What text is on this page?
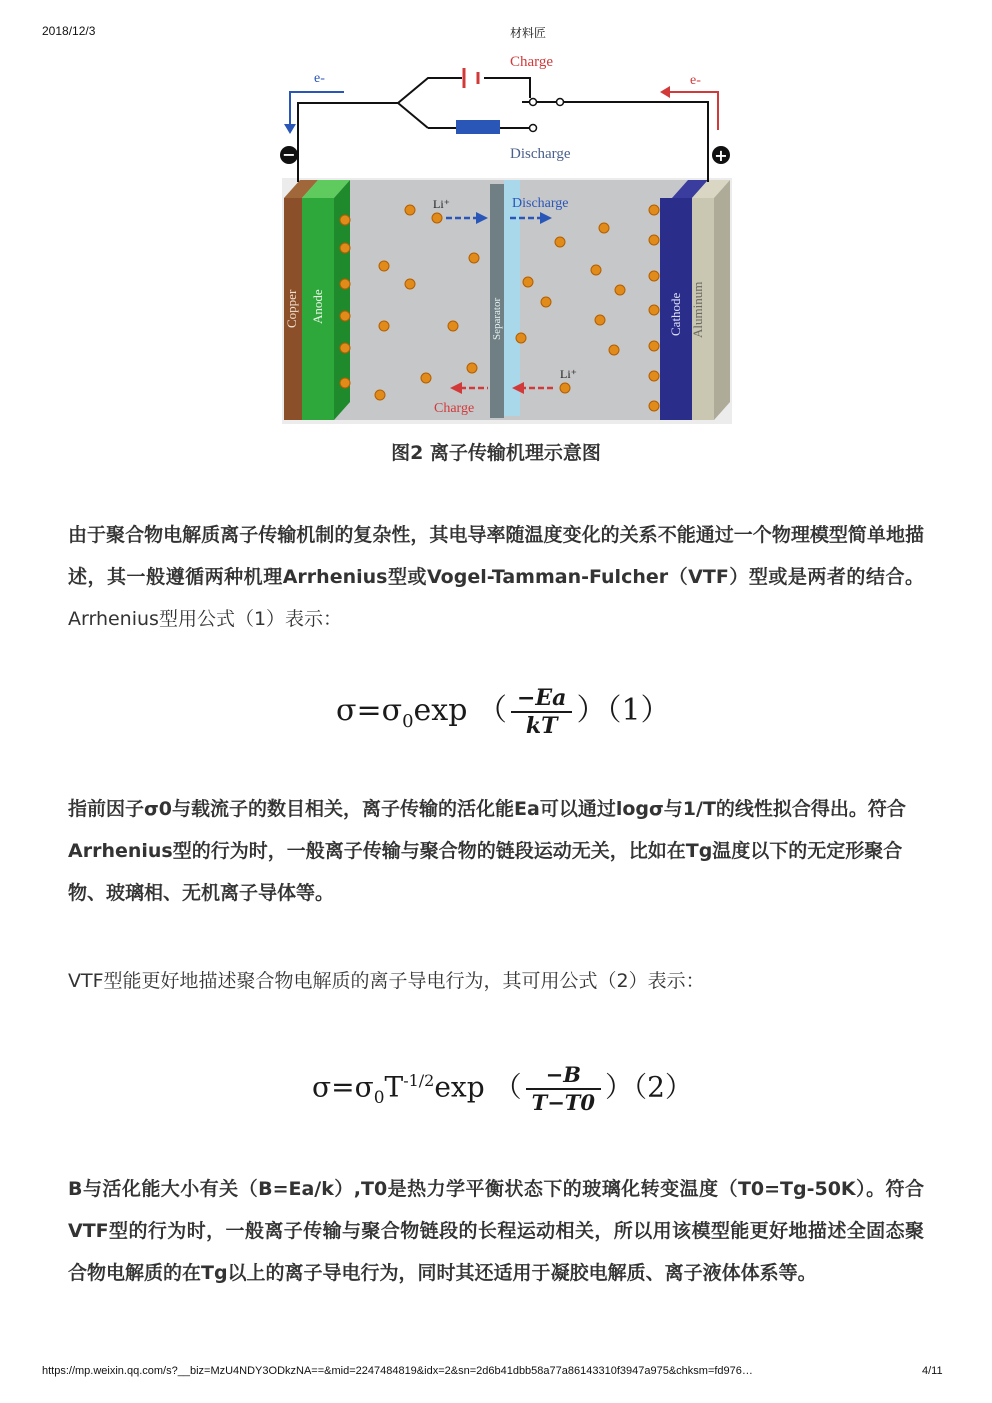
2018/12/3	材料匠
Copper Anode	Separator	Cathode Aluminum
Li⁺	Discharge
Li⁺
Charge
Charge
Discharge
e-	e-
−	+
图2 离子传输机理示意图
由于聚合物电解质离子传输机制的复杂性，其电导率随温度变化的关系不能通过一个物理模型简单地描述，其一般遵循两种机理Arrhenius型或Vogel-Tamman-Fulcher（VTF）型或是两者的结合。Arrhenius型用公式（1）表示：
$\sigma=\sigma_0\exp$ （ $\frac{-Ea}{kT} )(1)$
指前因子σ0与载流子的数目相关，离子传输的活化能Ea可以通过logσ与1/T的线性拟合得出。符合Arrhenius型的行为时，一般离子传输与聚合物的链段运动无关，比如在Tg温度以下的无定形聚合物、玻璃相、无机离子导体等。
VTF型能更好地描述聚合物电解质的离子导电行为，其可用公式（2）表示：
$\sigma=\sigma_0T^{-1/2}\exp$ （ $\frac{-B}{T-T0} )(2)$
B与活化能大小有关（B=Ea/k）,T0是热力学平衡状态下的玻璃化转变温度（T0=Tg-50K）。符合VTF型的行为时，一般离子传输与聚合物链段的长程运动相关，所以用该模型能更好地描述全固态聚合物电解质的在Tg以上的离子导电行为，同时其还适用于凝胶电解质、离子液体体系等。
https://mp.weixin.qq.com/s?__biz=MzU4NDY3ODkzNA==&mid=2247484819&idx=2&sn=2d6b41dbb58a77a86143310f3947a975&chksm=fd976…	4/11
